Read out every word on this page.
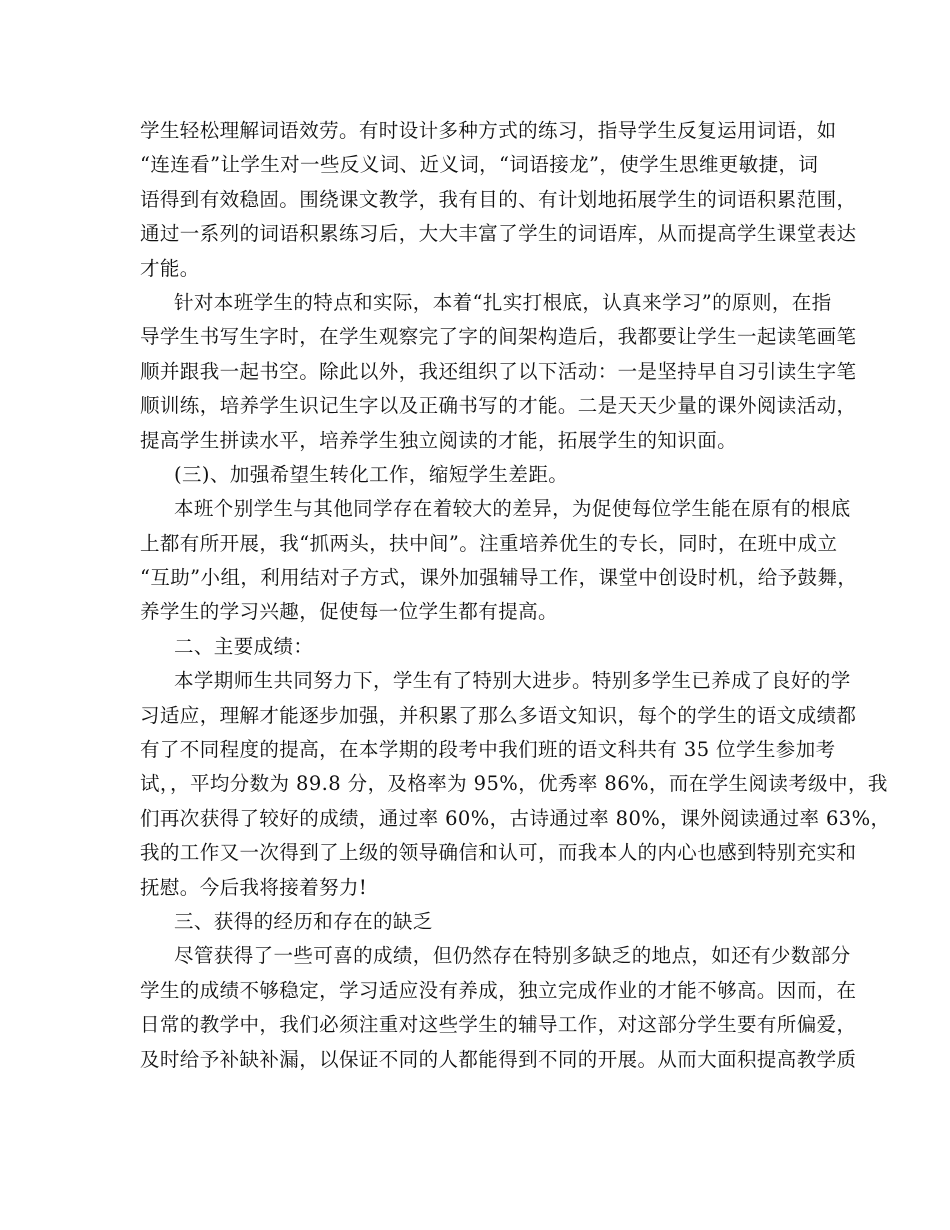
学生轻松理解词语效劳。有时设计多种方式的练习，指导学生反复运用词语，如
“连连看”让学生对一些反义词、近义词，“词语接龙”，使学生思维更敏捷，词
语得到有效稳固。围绕课文教学，我有目的、有计划地拓展学生的词语积累范围，
通过一系列的词语积累练习后，大大丰富了学生的词语库，从而提高学生课堂表达
才能。
针对本班学生的特点和实际，本着“扎实打根底，认真来学习”的原则，在指
导学生书写生字时，在学生观察完了字的间架构造后，我都要让学生一起读笔画笔
顺并跟我一起书空。除此以外，我还组织了以下活动：一是坚持早自习引读生字笔
顺训练，培养学生识记生字以及正确书写的才能。二是天天少量的课外阅读活动，
提高学生拼读水平，培养学生独立阅读的才能，拓展学生的知识面。
(三)、加强希望生转化工作，缩短学生差距。
本班个别学生与其他同学存在着较大的差异，为促使每位学生能在原有的根底
上都有所开展，我“抓两头，扶中间”。注重培养优生的专长，同时，在班中成立
“互助”小组，利用结对子方式，课外加强辅导工作，课堂中创设时机，给予鼓舞，
养学生的学习兴趣，促使每一位学生都有提高。
二、主要成绩：
本学期师生共同努力下，学生有了特别大进步。特别多学生已养成了良好的学
习适应，理解才能逐步加强，并积累了那么多语文知识，每个的学生的语文成绩都
有了不同程度的提高，在本学期的段考中我们班的语文科共有 35 位学生参加考
试，，平均分数为 89.8 分，及格率为 95%，优秀率 86%，而在学生阅读考级中，我
们再次获得了较好的成绩，通过率 60%，古诗通过率 80%，课外阅读通过率 63%，
我的工作又一次得到了上级的领导确信和认可，而我本人的内心也感到特别充实和
抚慰。今后我将接着努力!
三、获得的经历和存在的缺乏
尽管获得了一些可喜的成绩，但仍然存在特别多缺乏的地点，如还有少数部分
学生的成绩不够稳定，学习适应没有养成，独立完成作业的才能不够高。因而，在
日常的教学中，我们必须注重对这些学生的辅导工作，对这部分学生要有所偏爱，
及时给予补缺补漏，以保证不同的人都能得到不同的开展。从而大面积提高教学质
